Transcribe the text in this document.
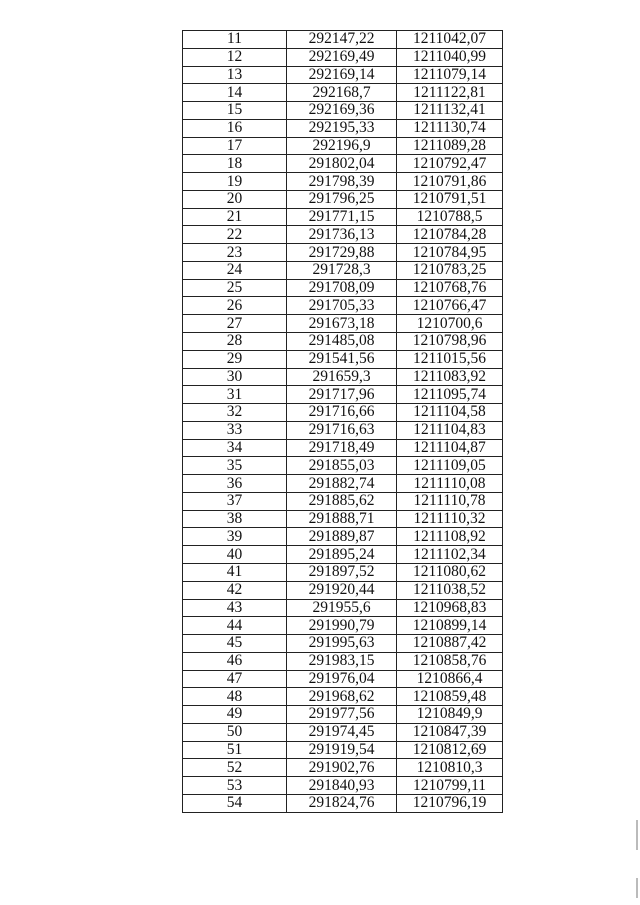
11	292147,22	1211042,07
12	292169,49	1211040,99
13	292169,14	1211079,14
14	292168,7	1211122,81
15	292169,36	1211132,41
16	292195,33	1211130,74
17	292196,9	1211089,28
18	291802,04	1210792,47
19	291798,39	1210791,86
20	291796,25	1210791,51
21	291771,15	1210788,5
22	291736,13	1210784,28
23	291729,88	1210784,95
24	291728,3	1210783,25
25	291708,09	1210768,76
26	291705,33	1210766,47
27	291673,18	1210700,6
28	291485,08	1210798,96
29	291541,56	1211015,56
30	291659,3	1211083,92
31	291717,96	1211095,74
32	291716,66	1211104,58
33	291716,63	1211104,83
34	291718,49	1211104,87
35	291855,03	1211109,05
36	291882,74	1211110,08
37	291885,62	1211110,78
38	291888,71	1211110,32
39	291889,87	1211108,92
40	291895,24	1211102,34
41	291897,52	1211080,62
42	291920,44	1211038,52
43	291955,6	1210968,83
44	291990,79	1210899,14
45	291995,63	1210887,42
46	291983,15	1210858,76
47	291976,04	1210866,4
48	291968,62	1210859,48
49	291977,56	1210849,9
50	291974,45	1210847,39
51	291919,54	1210812,69
52	291902,76	1210810,3
53	291840,93	1210799,11
54	291824,76	1210796,19
